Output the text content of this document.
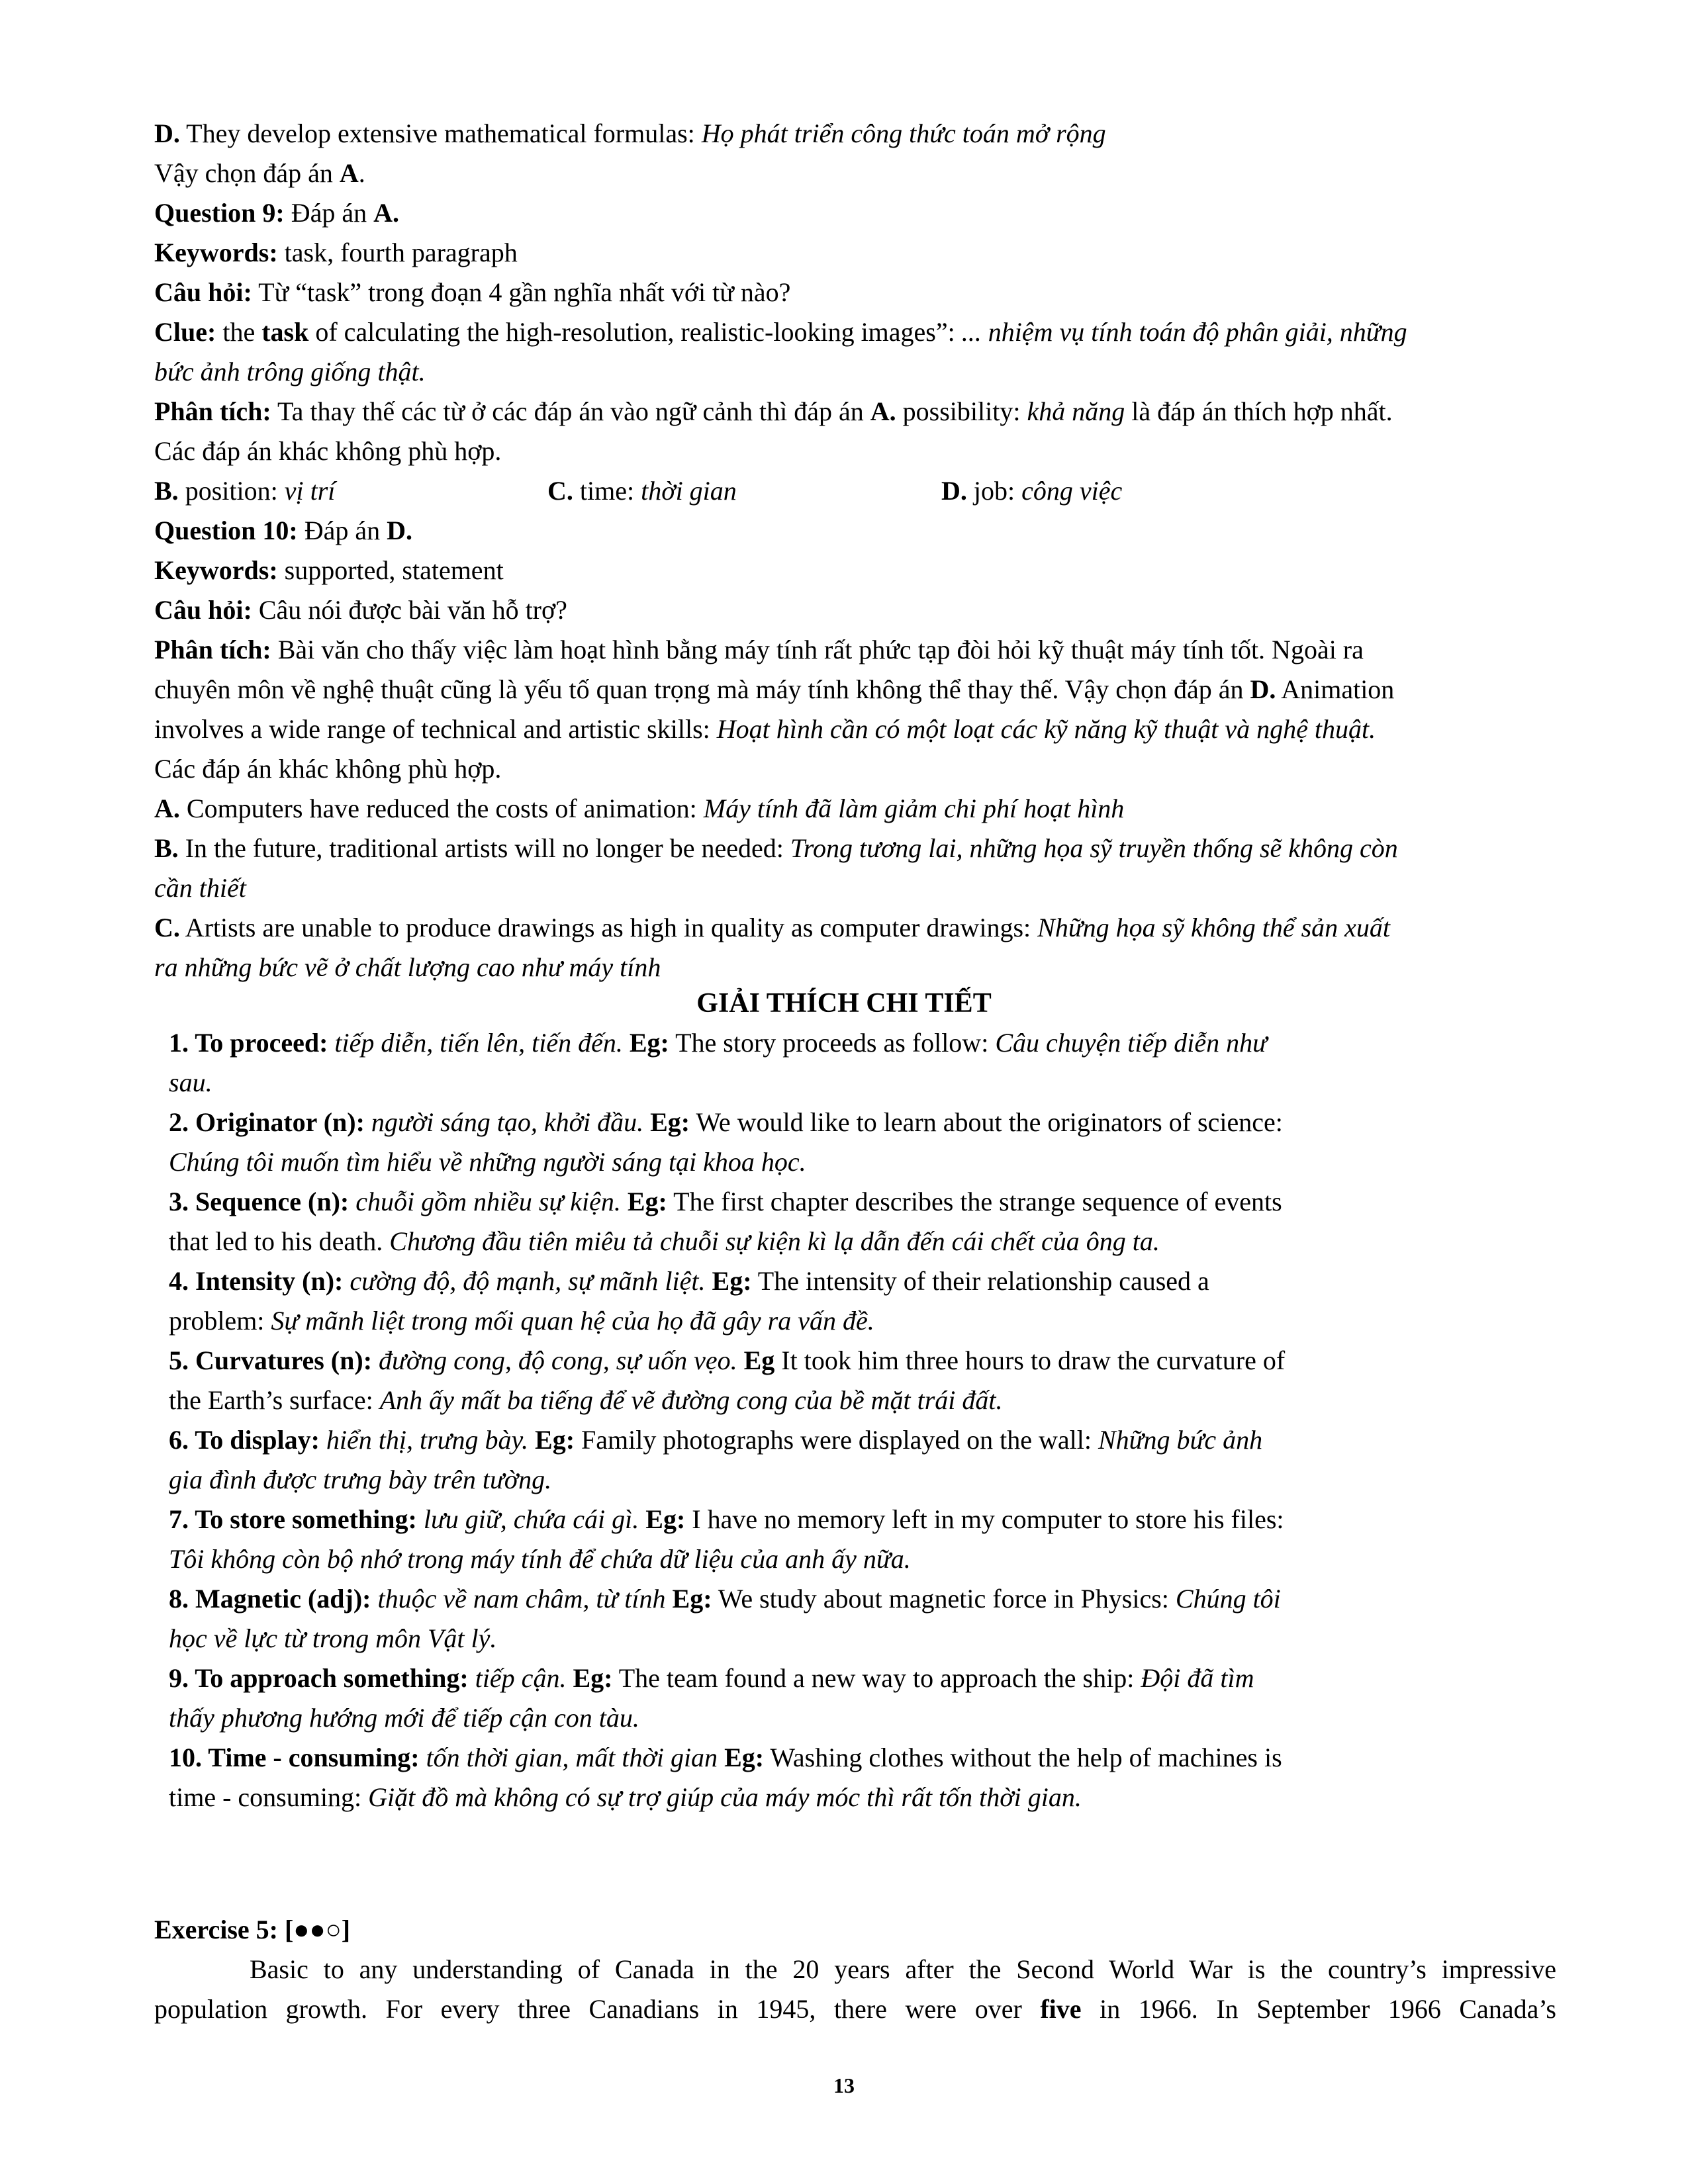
D. They develop extensive mathematical formulas: Họ phát triển công thức toán mở rộng
Vậy chọn đáp án A.
Question 9: Đáp án A.
Keywords: task, fourth paragraph
Câu hỏi: Từ “task” trong đoạn 4 gần nghĩa nhất với từ nào?
Clue: the task of calculating the high-resolution, realistic-looking images”: ... nhiệm vụ tính toán độ phân giải, những
bức ảnh trông giống thật.
Phân tích: Ta thay thế các từ ở các đáp án vào ngữ cảnh thì đáp án A. possibility: khả năng là đáp án thích hợp nhất.
Các đáp án khác không phù hợp.
B. position: vị trí	C. time: thời gian	D. job: công việc
Question 10: Đáp án D.
Keywords: supported, statement
Câu hỏi: Câu nói được bài văn hỗ trợ?
Phân tích: Bài văn cho thấy việc làm hoạt hình bằng máy tính rất phức tạp đòi hỏi kỹ thuật máy tính tốt. Ngoài ra
chuyên môn về nghệ thuật cũng là yếu tố quan trọng mà máy tính không thể thay thế. Vậy chọn đáp án D. Animation
involves a wide range of technical and artistic skills: Hoạt hình cần có một loạt các kỹ năng kỹ thuật và nghệ thuật.
Các đáp án khác không phù hợp.
A. Computers have reduced the costs of animation: Máy tính đã làm giảm chi phí hoạt hình
B. In the future, traditional artists will no longer be needed: Trong tương lai, những họa sỹ truyền thống sẽ không còn
cần thiết
C. Artists are unable to produce drawings as high in quality as computer drawings: Những họa sỹ không thể sản xuất
ra những bức vẽ ở chất lượng cao như máy tính
GIẢI THÍCH CHI TIẾT
1. To proceed: tiếp diễn, tiến lên, tiến đến. Eg: The story proceeds as follow: Câu chuyện tiếp diễn như
sau.
2. Originator (n): người sáng tạo, khởi đầu. Eg: We would like to learn about the originators of science:
Chúng tôi muốn tìm hiểu về những người sáng tại khoa học.
3. Sequence (n): chuỗi gồm nhiều sự kiện. Eg: The first chapter describes the strange sequence of events
that led to his death. Chương đầu tiên miêu tả chuỗi sự kiện kì lạ dẫn đến cái chết của ông ta.
4. Intensity (n): cường độ, độ mạnh, sự mãnh liệt. Eg: The intensity of their relationship caused a
problem: Sự mãnh liệt trong mối quan hệ của họ đã gây ra vấn đề.
5. Curvatures (n): đường cong, độ cong, sự uốn vẹo. Eg It took him three hours to draw the curvature of
the Earth’s surface: Anh ấy mất ba tiếng để vẽ đường cong của bề mặt trái đất.
6. To display: hiển thị, trưng bày. Eg: Family photographs were displayed on the wall: Những bức ảnh
gia đình được trưng bày trên tường.
7. To store something: lưu giữ, chứa cái gì. Eg: I have no memory left in my computer to store his files:
Tôi không còn bộ nhớ trong máy tính để chứa dữ liệu của anh ấy nữa.
8. Magnetic (adj): thuộc về nam châm, từ tính Eg: We study about magnetic force in Physics: Chúng tôi
học về lực từ trong môn Vật lý.
9. To approach something: tiếp cận. Eg: The team found a new way to approach the ship: Đội đã tìm
thấy phương hướng mới để tiếp cận con tàu.
10. Time - consuming: tốn thời gian, mất thời gian Eg: Washing clothes without the help of machines is
time - consuming: Giặt đồ mà không có sự trợ giúp của máy móc thì rất tốn thời gian.
Exercise 5: [●●○]
Basic to any understanding of Canada in the 20 years after the Second World War is the country’s impressive
population growth. For every three Canadians in 1945, there were over five in 1966. In September 1966 Canada’s
13
